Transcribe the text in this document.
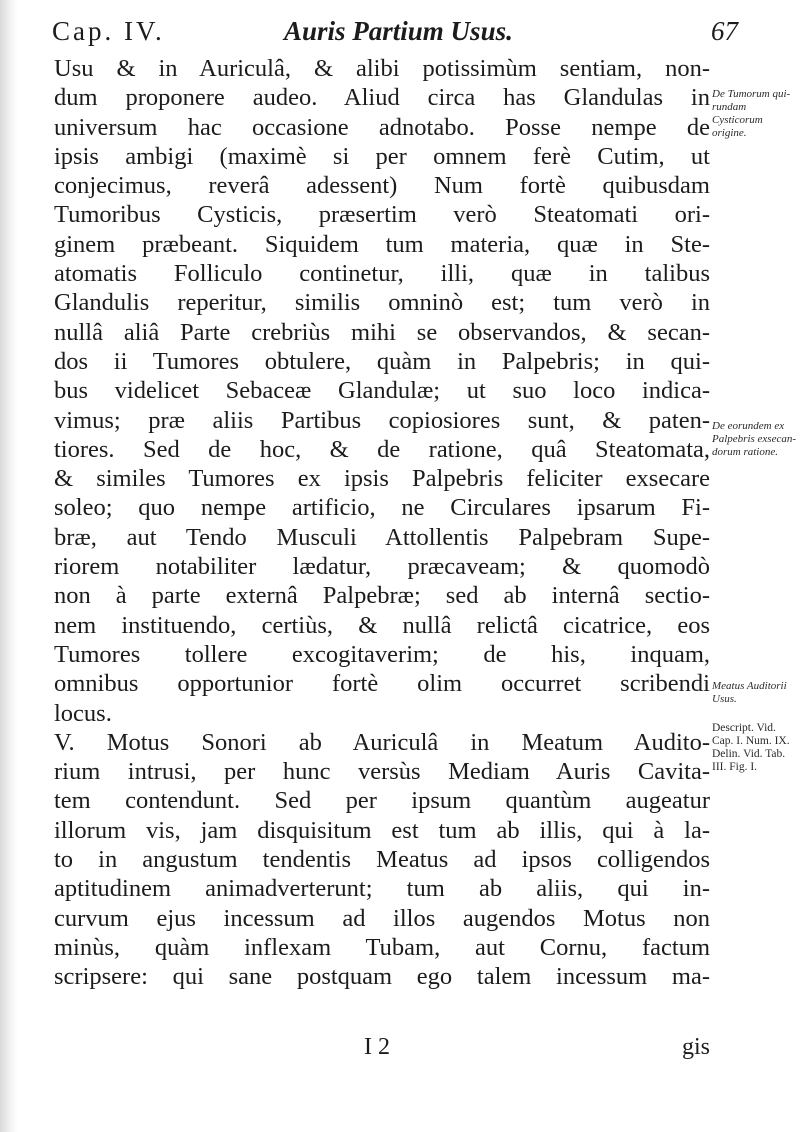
Cap. IV.	Auris Partium Usus.	67
Usu & in Auriculâ, & alibi potissimùm sentiam, non-
dum proponere audeo. Aliud circa has Glandulas in
universum hac occasione adnotabo. Posse nempe de
ipsis ambigi (maximè si per omnem ferè Cutim, ut
conjecimus, reverâ adessent) Num fortè quibusdam
Tumoribus Cysticis, præsertim verò Steatomati ori-
ginem præbeant. Siquidem tum materia, quæ in Ste-
atomatis Folliculo continetur, illi, quæ in talibus
Glandulis reperitur, similis omninò est; tum verò in
nullâ aliâ Parte crebriùs mihi se observandos, & secan-
dos ii Tumores obtulere, quàm in Palpebris; in qui-
bus videlicet Sebaceæ Glandulæ; ut suo loco indica-
vimus; præ aliis Partibus copiosiores sunt, & paten-
tiores. Sed de hoc, & de ratione, quâ Steatomata,
& similes Tumores ex ipsis Palpebris feliciter exsecare
soleo; quo nempe artificio, ne Circulares ipsarum Fi-
bræ, aut Tendo Musculi Attollentis Palpebram Supe-
riorem notabiliter lædatur, præcaveam; & quomodò
non à parte externâ Palpebræ; sed ab internâ sectio-
nem instituendo, certiùs, & nullâ relictâ cicatrice, eos
Tumores tollere excogitaverim; de his, inquam,
omnibus opportunior fortè olim occurret scribendi
locus.
V. Motus Sonori ab Auriculâ in Meatum Audito-
rium intrusi, per hunc versùs Mediam Auris Cavita-
tem contendunt. Sed per ipsum quantùm augeatur
illorum vis, jam disquisitum est tum ab illis, qui à la-
to in angustum tendentis Meatus ad ipsos colligendos
aptitudinem animadverterunt; tum ab aliis, qui in-
curvum ejus incessum ad illos augendos Motus non
minùs, quàm inflexam Tubam, aut Cornu, factum
scripsere: qui sane postquam ego talem incessum ma-
De Tumorum qui- rundam Cysticorum origine.
De eorundem ex Palpebris exsecan- dorum ratione.
Meatus Auditorii Usus.
Descript. Vid. Cap. I. Num. IX. Delin. Vid. Tab. III. Fig. I.
I 2	gis
